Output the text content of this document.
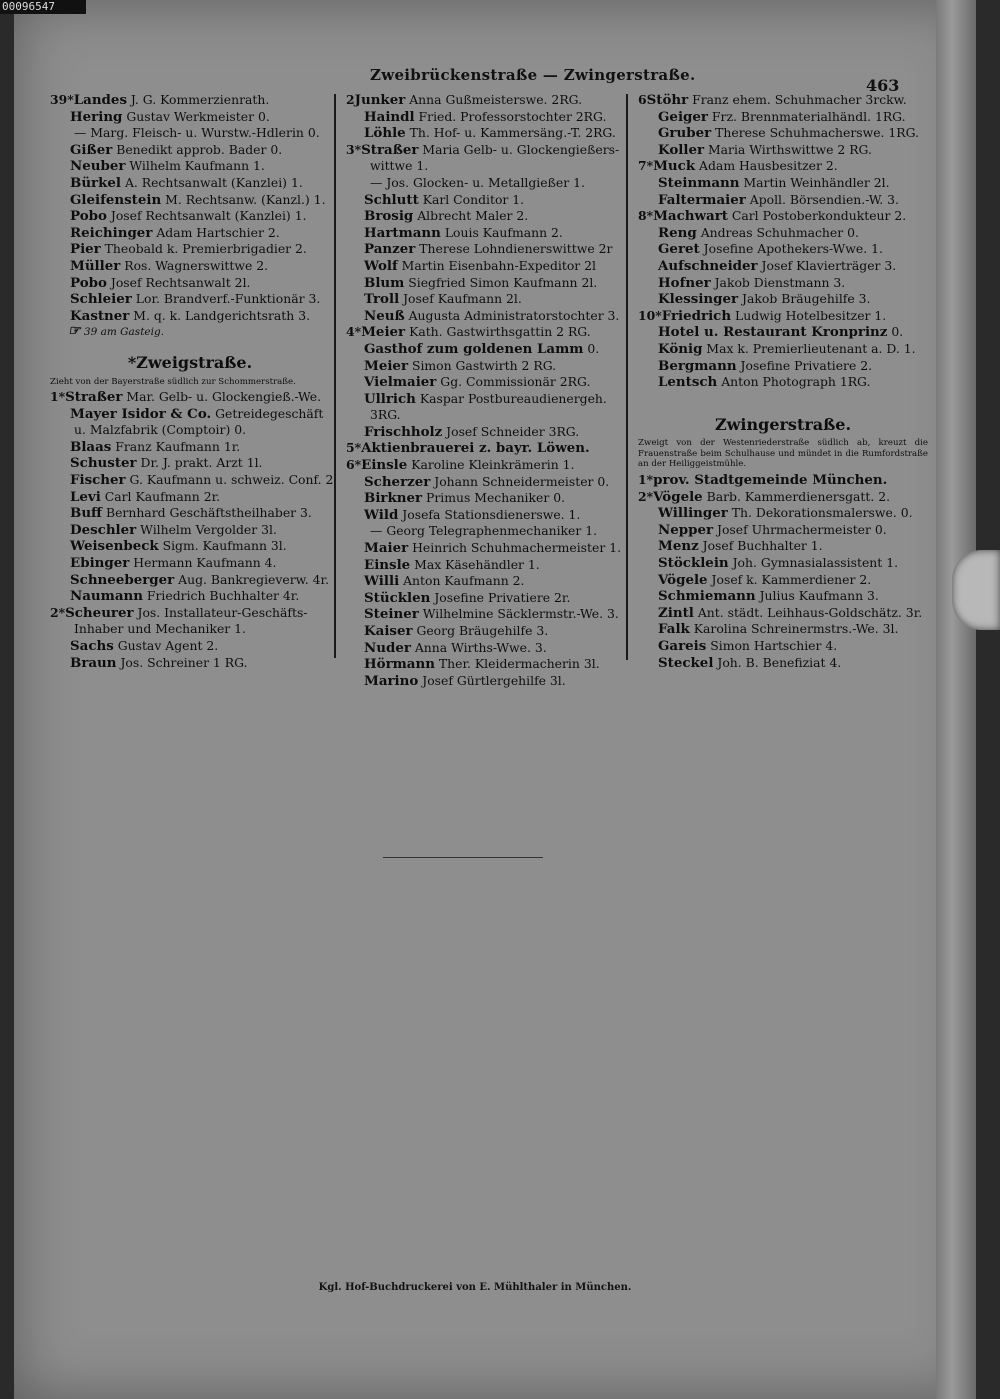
00096547
Zweibrückenstraße — Zwingerstraße.
463
39*Landes J. G. Kommerzienrath.
Hering Gustav Werkmeister 0.
— Marg. Fleisch- u. Wurstw.-Hdlerin 0.
Gißer Benedikt approb. Bader 0.
Neuber Wilhelm Kaufmann 1.
Bürkel A. Rechtsanwalt (Kanzlei) 1.
Gleifenstein M. Rechtsanw. (Kanzl.) 1.
Pobo Josef Rechtsanwalt (Kanzlei) 1.
Reichinger Adam Hartschier 2.
Pier Theobald k. Premierbrigadier 2.
Müller Ros. Wagnerswittwe 2.
Pobo Josef Rechtsanwalt 2l.
Schleier Lor. Brandverf.-Funktionär 3.
Kastner M. q. k. Landgerichtsrath 3.
☞ 39 am Gasteig.
*Zweigstraße.
Zieht von der Bayerstraße südlich zur Schommerstraße.
1*Straßer Mar. Gelb- u. Glockengieß.-We.
Mayer Isidor & Co. Getreidegeschäft
u. Malzfabrik (Comptoir) 0.
Blaas Franz Kaufmann 1r.
Schuster Dr. J. prakt. Arzt 1l.
Fischer G. Kaufmann u. schweiz. Conf. 2
Levi Carl Kaufmann 2r.
Buff Bernhard Geschäftstheilhaber 3.
Deschler Wilhelm Vergolder 3l.
Weisenbeck Sigm. Kaufmann 3l.
Ebinger Hermann Kaufmann 4.
Schneeberger Aug. Bankregieverw. 4r.
Naumann Friedrich Buchhalter 4r.
2*Scheurer Jos. Installateur-Geschäfts-
Inhaber und Mechaniker 1.
Sachs Gustav Agent 2.
Braun Jos. Schreiner 1 RG.
2Junker Anna Gußmeisterswe. 2RG.
Haindl Fried. Professorstochter 2RG.
Löhle Th. Hof- u. Kammersäng.-T. 2RG.
3*Straßer Maria Gelb- u. Glockengießers-
wittwe 1.
— Jos. Glocken- u. Metallgießer 1.
Schlutt Karl Conditor 1.
Brosig Albrecht Maler 2.
Hartmann Louis Kaufmann 2.
Panzer Therese Lohndienerswittwe 2r
Wolf Martin Eisenbahn-Expeditor 2l
Blum Siegfried Simon Kaufmann 2l.
Troll Josef Kaufmann 2l.
Neuß Augusta Administratorstochter 3.
4*Meier Kath. Gastwirthsgattin 2 RG.
Gasthof zum goldenen Lamm 0.
Meier Simon Gastwirth 2 RG.
Vielmaier Gg. Commissionär 2RG.
Ullrich Kaspar Postbureaudienergeh.
3RG.
Frischholz Josef Schneider 3RG.
5*Aktienbrauerei z. bayr. Löwen.
6*Einsle Karoline Kleinkrämerin 1.
Scherzer Johann Schneidermeister 0.
Birkner Primus Mechaniker 0.
Wild Josefa Stationsdienerswe. 1.
— Georg Telegraphenmechaniker 1.
Maier Heinrich Schuhmachermeister 1.
Einsle Max Käsehändler 1.
Willi Anton Kaufmann 2.
Stücklen Josefine Privatiere 2r.
Steiner Wilhelmine Säcklermstr.-We. 3.
Kaiser Georg Bräugehilfe 3.
Nuder Anna Wirths-Wwe. 3.
Hörmann Ther. Kleidermacherin 3l.
Marino Josef Gürtlergehilfe 3l.
6Stöhr Franz ehem. Schuhmacher 3rckw.
Geiger Frz. Brennmaterialhändl. 1RG.
Gruber Therese Schuhmacherswe. 1RG.
Koller Maria Wirthswittwe 2 RG.
7*Muck Adam Hausbesitzer 2.
Steinmann Martin Weinhändler 2l.
Faltermaier Apoll. Börsendien.-W. 3.
8*Machwart Carl Postoberkondukteur 2.
Reng Andreas Schuhmacher 0.
Geret Josefine Apothekers-Wwe. 1.
Aufschneider Josef Klavierträger 3.
Hofner Jakob Dienstmann 3.
Klessinger Jakob Bräugehilfe 3.
10*Friedrich Ludwig Hotelbesitzer 1.
Hotel u. Restaurant Kronprinz 0.
König Max k. Premierlieutenant a. D. 1.
Bergmann Josefine Privatiere 2.
Lentsch Anton Photograph 1RG.
Zwingerstraße.
Zweigt von der Westenriederstraße südlich ab, kreuzt die Frauenstraße beim Schulhause und mündet in die Rumfordstraße an der Heiliggeistmühle.
1*prov. Stadtgemeinde München.
2*Vögele Barb. Kammerdienersgatt. 2.
Willinger Th. Dekorationsmalerswe. 0.
Nepper Josef Uhrmachermeister 0.
Menz Josef Buchhalter 1.
Stöcklein Joh. Gymnasialassistent 1.
Vögele Josef k. Kammerdiener 2.
Schmiemann Julius Kaufmann 3.
Zintl Ant. städt. Leihhaus-Goldschätz. 3r.
Falk Karolina Schreinermstrs.-We. 3l.
Gareis Simon Hartschier 4.
Steckel Joh. B. Benefiziat 4.
Kgl. Hof-Buchdruckerei von E. Mühlthaler in München.
